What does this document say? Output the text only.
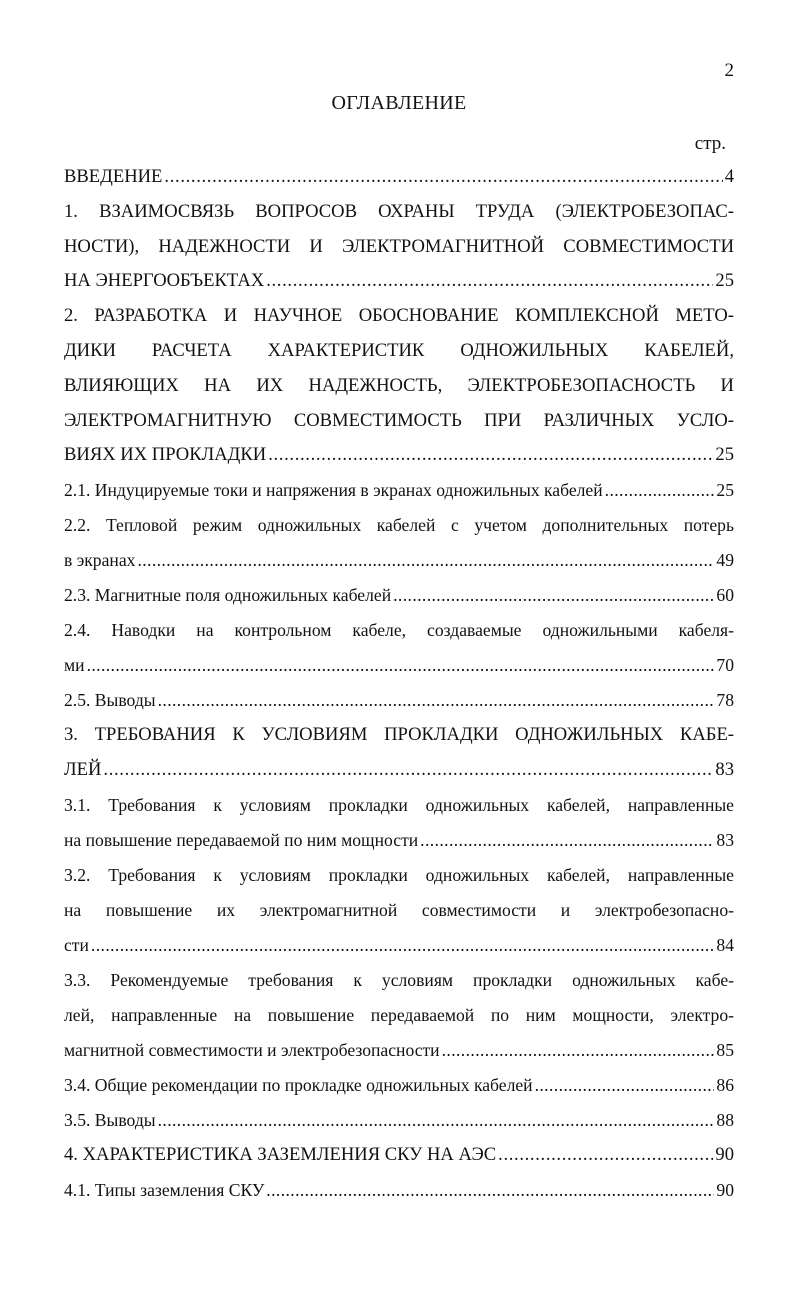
2
ОГЛАВЛЕНИЕ
стр.
ВВЕДЕНИЕ . . .	4
1. ВЗАИМОСВЯЗЬ ВОПРОСОВ ОХРАНЫ ТРУДА (ЭЛЕКТРОБЕЗОПАС-
НОСТИ), НАДЕЖНОСТИ И ЭЛЕКТРОМАГНИТНОЙ СОВМЕСТИМОСТИ
НА ЭНЕРГООБЪЕКТАХ . . .	25
2. РАЗРАБОТКА И НАУЧНОЕ ОБОСНОВАНИЕ КОМПЛЕКСНОЙ МЕТО-
ДИКИ РАСЧЕТА ХАРАКТЕРИСТИК ОДНОЖИЛЬНЫХ КАБЕЛЕЙ,
ВЛИЯЮЩИХ НА ИХ НАДЕЖНОСТЬ, ЭЛЕКТРОБЕЗОПАСНОСТЬ И
ЭЛЕКТРОМАГНИТНУЮ СОВМЕСТИМОСТЬ ПРИ РАЗЛИЧНЫХ УСЛО-
ВИЯХ ИХ ПРОКЛАДКИ . . .	25
2.1. Индуцируемые токи и напряжения в экранах одножильных кабелей . . .	25
2.2. Тепловой режим одножильных кабелей с учетом дополнительных потерь
в экранах . . .	49
2.3. Магнитные поля одножильных кабелей . . .	60
2.4. Наводки на контрольном кабеле, создаваемые одножильными кабеля-
ми . . .	70
2.5. Выводы . . .	78
3. ТРЕБОВАНИЯ К УСЛОВИЯМ ПРОКЛАДКИ ОДНОЖИЛЬНЫХ КАБЕ-
ЛЕЙ . . .	83
3.1. Требования к условиям прокладки одножильных кабелей, направленные
на повышение передаваемой по ним мощности . . .	83
3.2. Требования к условиям прокладки одножильных кабелей, направленные
на повышение их электромагнитной совместимости и электробезопасно-
сти . . .	84
3.3. Рекомендуемые требования к условиям прокладки одножильных кабе-
лей, направленные на повышение передаваемой по ним мощности, электро-
магнитной совместимости и электробезопасности . . .	85
3.4. Общие рекомендации по прокладке одножильных кабелей . . .	86
3.5. Выводы . . .	88
4. ХАРАКТЕРИСТИКА ЗАЗЕМЛЕНИЯ СКУ НА АЭС . . .	90
4.1. Типы заземления СКУ . . .	90
